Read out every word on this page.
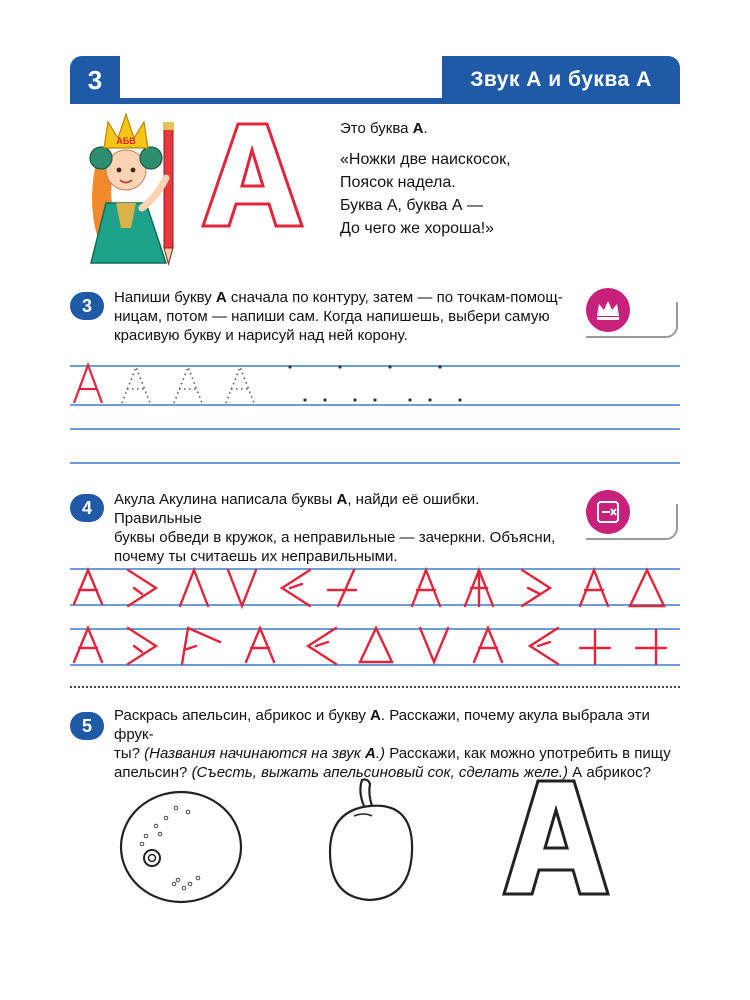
3	Звук А и буква А
АБВ
Это буква А.
«Ножки две наискосок,
Поясок надела.
Буква А, буква А —
До чего же хороша!»
3	Напиши букву А сначала по контуру, затем — по точкам-помощ-
ницам, потом — напиши сам. Когда напишешь, выбери самую
красивую букву и нарисуй над ней корону.
4	Акула Акулина написала буквы А, найди её ошибки. Правильные
буквы обведи в кружок, а неправильные — зачеркни. Объясни,
почему ты считаешь их неправильными.
5	Раскрась апельсин, абрикос и букву А. Расскажи, почему акула выбрала эти фрук-
ты? (Названия начинаются на звук А.) Расскажи, как можно употребить в пищу
апельсин? (Съесть, выжать апельсиновый сок, сделать желе.) А абрикос?
